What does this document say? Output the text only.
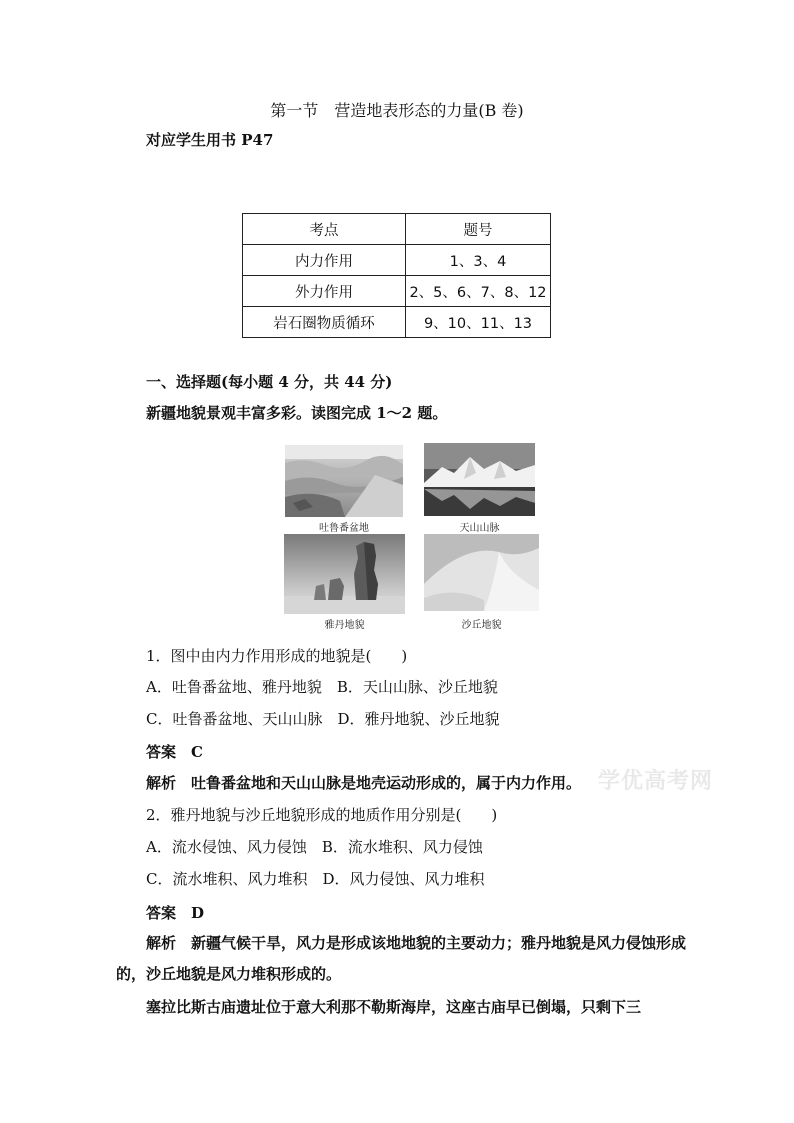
第一节　营造地表形态的力量(B 卷)
对应学生用书 P47
考点	题号
内力作用	1、3、4
外力作用	2、5、6、7、8、12
岩石圈物质循环	9、10、11、13
一、选择题(每小题 4 分，共 44 分)
新疆地貌景观丰富多彩。读图完成 1～2 题。
吐鲁番盆地	天山山脉
雅丹地貌	沙丘地貌
1．图中由内力作用形成的地貌是(　　)
A．吐鲁番盆地、雅丹地貌　B．天山山脉、沙丘地貌
C．吐鲁番盆地、天山山脉　D．雅丹地貌、沙丘地貌
答案　C
解析　吐鲁番盆地和天山山脉是地壳运动形成的，属于内力作用。 学优高考网
2．雅丹地貌与沙丘地貌形成的地质作用分别是(　　)
A．流水侵蚀、风力侵蚀　B．流水堆积、风力侵蚀
C．流水堆积、风力堆积　D．风力侵蚀、风力堆积
答案　D
解析　新疆气候干旱，风力是形成该地地貌的主要动力；雅丹地貌是风力侵蚀形成的，沙丘地貌是风力堆积形成的。
塞拉比斯古庙遗址位于意大利那不勒斯海岸，这座古庙早已倒塌，只剩下三
